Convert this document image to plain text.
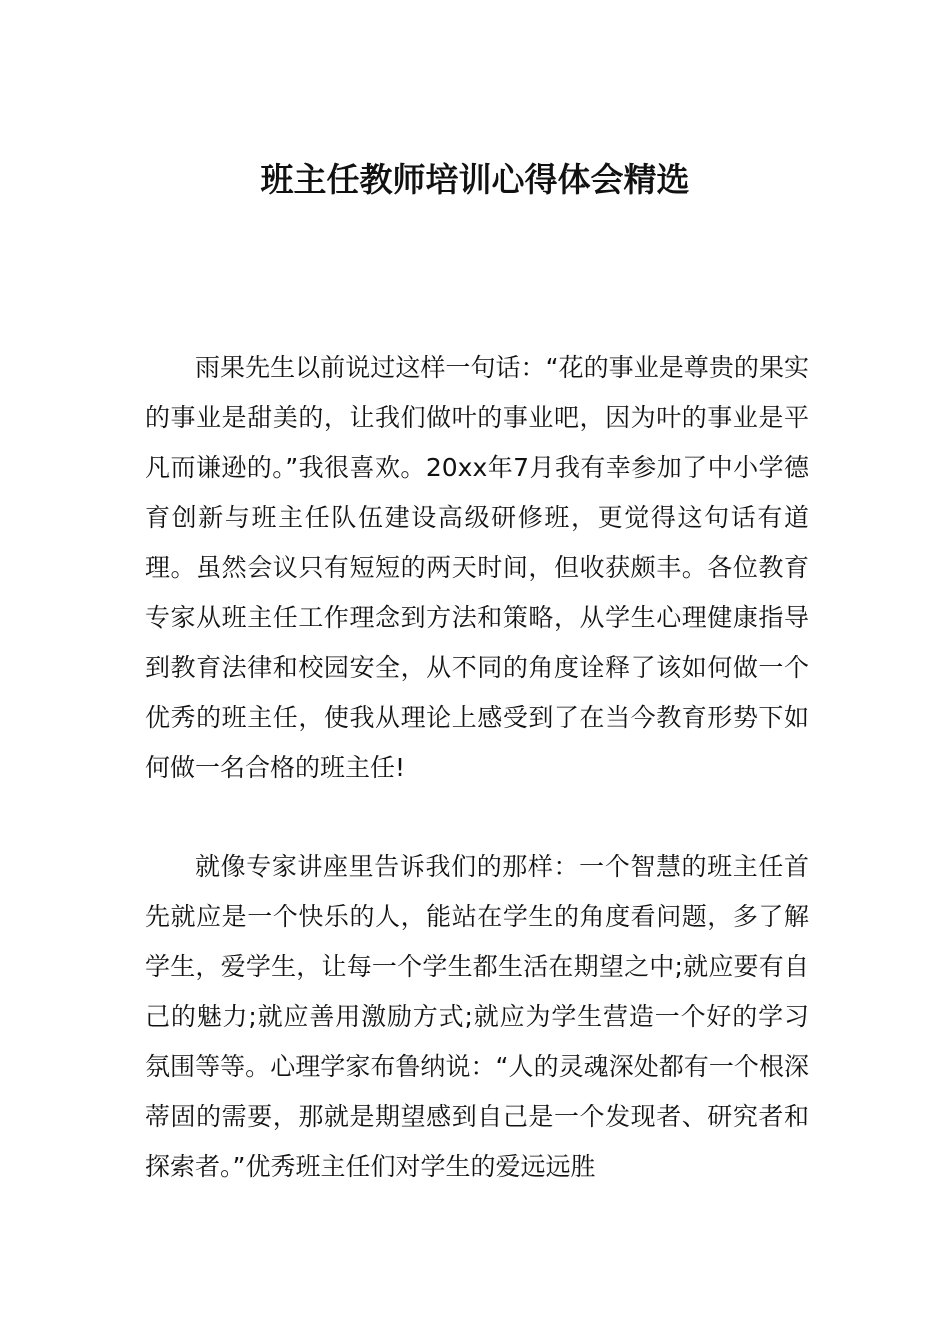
班主任教师培训心得体会精选

雨果先生以前说过这样一句话：“花的事业是尊贵的果实的事业是甜美的，让我们做叶的事业吧，因为叶的事业是平凡而谦逊的。”我很喜欢。20xx年7月我有幸参加了中小学德育创新与班主任队伍建设高级研修班，更觉得这句话有道理。虽然会议只有短短的两天时间，但收获颇丰。各位教育专家从班主任工作理念到方法和策略，从学生心理健康指导到教育法律和校园安全，从不同的角度诠释了该如何做一个优秀的班主任，使我从理论上感受到了在当今教育形势下如何做一名合格的班主任!

就像专家讲座里告诉我们的那样：一个智慧的班主任首先就应是一个快乐的人，能站在学生的角度看问题，多了解学生，爱学生，让每一个学生都生活在期望之中;就应要有自己的魅力;就应善用激励方式;就应为学生营造一个好的学习氛围等等。心理学家布鲁纳说：“人的灵魂深处都有一个根深蒂固的需要，那就是期望感到自己是一个发现者、研究者和探索者。”优秀班主任们对学生的爱远远胜
